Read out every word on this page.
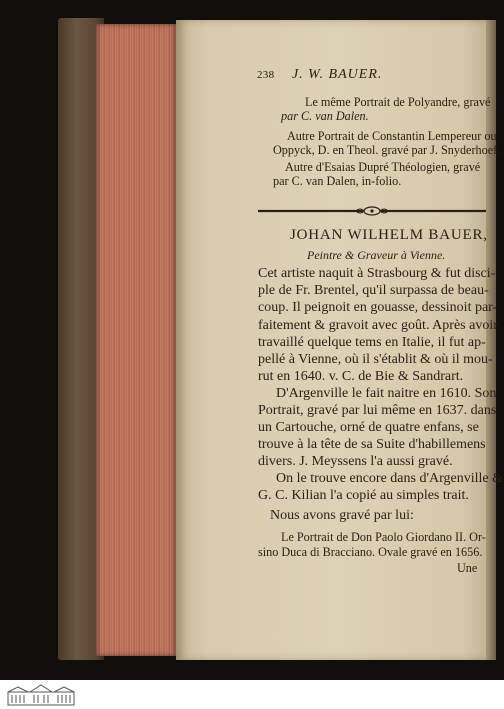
238 J. W. BAUER.
Le même Portrait de Polyandre, gravé
par C. van Dalen.
Autre Portrait de Constantin Lempereur ou
Oppyck, D. en Theol. gravé par J. Snyderhoef.
Autre d'Esaias Dupré Théologien, gravé
par C. van Dalen, in-folio.
JOHAN WILHELM BAUER,
Peintre & Graveur à Vienne.
Cet artiste naquit à Strasbourg & fut disci-
ple de Fr. Brentel, qu'il surpassa de beau-
coup. Il peignoit en gouasse, dessinoit par-
faitement & gravoit avec goût. Après avoir
travaillé quelque tems en Italie, il fut ap-
pellé à Vienne, où il s'établit & où il mou-
rut en 1640. v. C. de Bie & Sandrart.
D'Argenville le fait naitre en 1610. Son
Portrait, gravé par lui même en 1637. dans
un Cartouche, orné de quatre enfans, se
trouve à la tête de sa Suite d'habillemens
divers. J. Meyssens l'a aussi gravé.
On le trouve encore dans d'Argenville &
G. C. Kilian l'a copié au simples trait.
Nous avons gravé par lui:
Le Portrait de Don Paolo Giordano II. Or-
sino Duca di Bracciano. Ovale gravé en 1656.
Une
